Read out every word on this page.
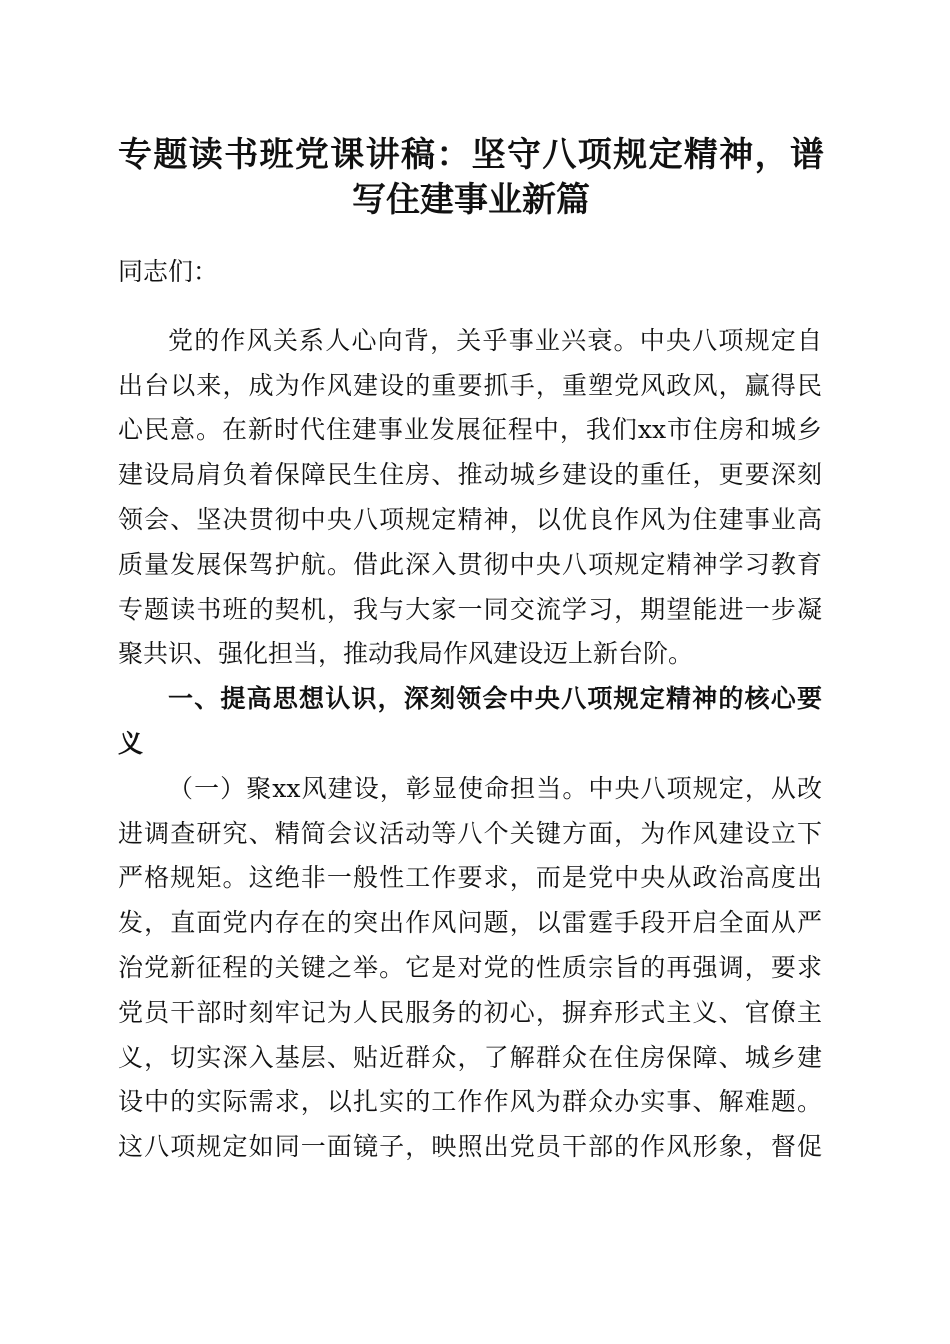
专题读书班党课讲稿：坚守八项规定精神，谱
写住建事业新篇
同志们：
党的作风关系人心向背，关乎事业兴衰。中央八项规定自
出台以来，成为作风建设的重要抓手，重塑党风政风，赢得民
心民意。在新时代住建事业发展征程中，我们xx市住房和城乡
建设局肩负着保障民生住房、推动城乡建设的重任，更要深刻
领会、坚决贯彻中央八项规定精神，以优良作风为住建事业高
质量发展保驾护航。借此深入贯彻中央八项规定精神学习教育
专题读书班的契机，我与大家一同交流学习，期望能进一步凝
聚共识、强化担当，推动我局作风建设迈上新台阶。
一、提高思想认识，深刻领会中央八项规定精神的核心要
义
（一）聚xx风建设，彰显使命担当。中央八项规定，从改
进调查研究、精简会议活动等八个关键方面，为作风建设立下
严格规矩。这绝非一般性工作要求，而是党中央从政治高度出
发，直面党内存在的突出作风问题，以雷霆手段开启全面从严
治党新征程的关键之举。它是对党的性质宗旨的再强调，要求
党员干部时刻牢记为人民服务的初心，摒弃形式主义、官僚主
义，切实深入基层、贴近群众，了解群众在住房保障、城乡建
设中的实际需求，以扎实的工作作风为群众办实事、解难题。
这八项规定如同一面镜子，映照出党员干部的作风形象，督促
